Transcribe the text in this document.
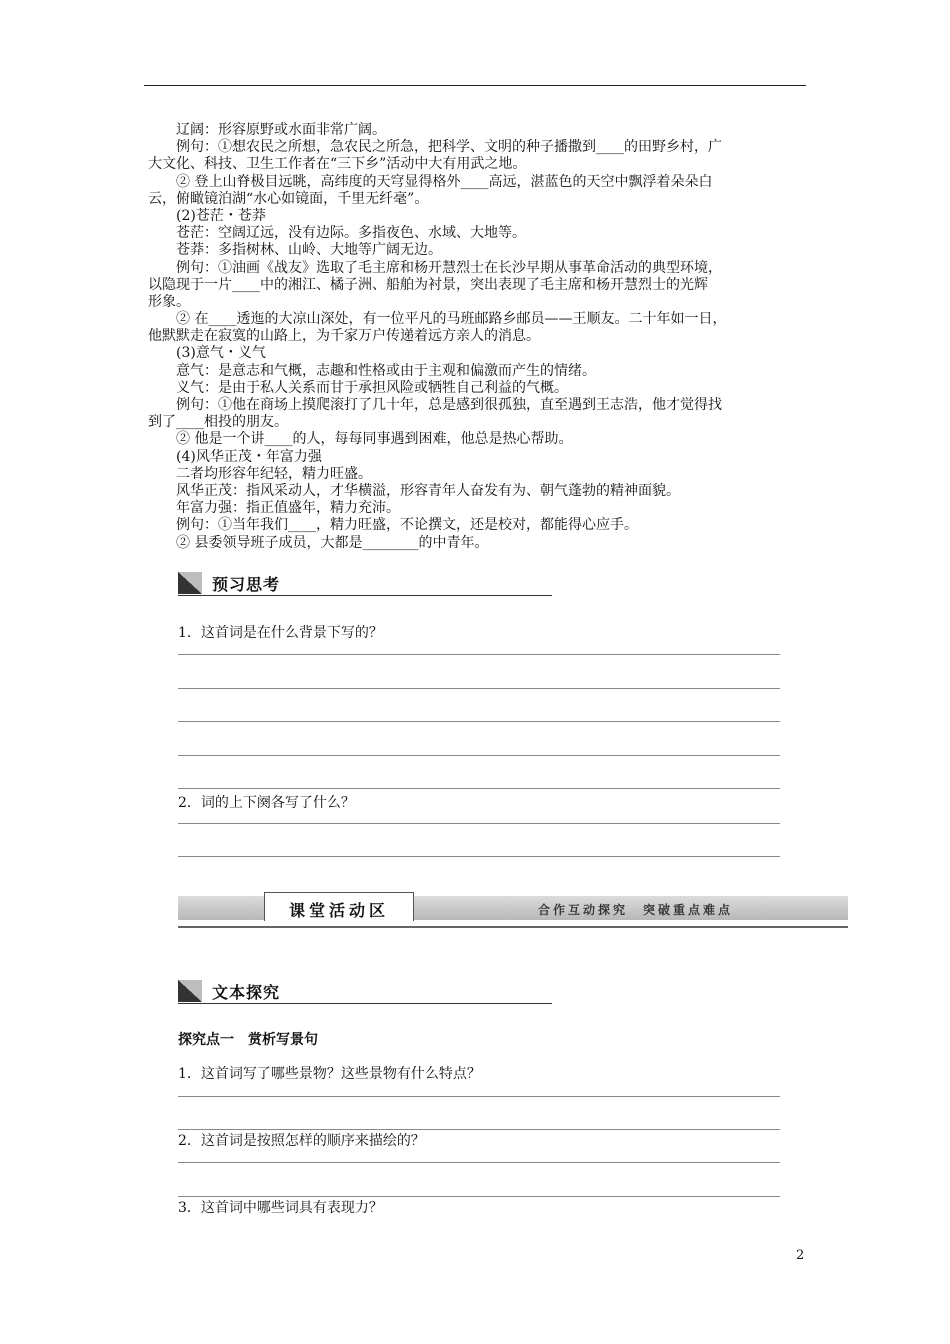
辽阔：形容原野或水面非常广阔。
例句：①想农民之所想，急农民之所急，把科学、文明的种子播撒到____的田野乡村，广
大文化、科技、卫生工作者在“三下乡”活动中大有用武之地。
② 登上山脊极目远眺，高纬度的天穹显得格外____高远，湛蓝色的天空中飘浮着朵朵白
云，俯瞰镜泊湖“水心如镜面，千里无纤毫”。
(2)苍茫・苍莽
苍茫：空阔辽远，没有边际。多指夜色、水域、大地等。
苍莽：多指树林、山岭、大地等广阔无边。
例句：①油画《战友》选取了毛主席和杨开慧烈士在长沙早期从事革命活动的典型环境，
以隐现于一片____中的湘江、橘子洲、船舶为衬景，突出表现了毛主席和杨开慧烈士的光辉
形象。
② 在____透迤的大凉山深处，有一位平凡的马班邮路乡邮员——王顺友。二十年如一日，
他默默走在寂寞的山路上，为千家万户传递着远方亲人的消息。
(3)意气・义气
意气：是意志和气概，志趣和性格或由于主观和偏激而产生的情绪。
义气：是由于私人关系而甘于承担风险或牺牲自己利益的气概。
例句：①他在商场上摸爬滚打了几十年，总是感到很孤独，直至遇到王志浩，他才觉得找
到了____相投的朋友。
② 他是一个讲____的人，每每同事遇到困难，他总是热心帮助。
(4)风华正茂・年富力强
二者均形容年纪轻，精力旺盛。
风华正茂：指风采动人，才华横溢，形容青年人奋发有为、朝气蓬勃的精神面貌。
年富力强：指正值盛年，精力充沛。
例句：①当年我们____，精力旺盛，不论撰文，还是校对，都能得心应手。
② 县委领导班子成员，大都是________的中青年。
预习思考
1．这首词是在什么背景下写的？
2．词的上下阕各写了什么？
课堂活动区	合作互动探究　突破重点难点
文本探究
探究点一　赏析写景句
1．这首词写了哪些景物？这些景物有什么特点？
2．这首词是按照怎样的顺序来描绘的？
3．这首词中哪些词具有表现力？
2
